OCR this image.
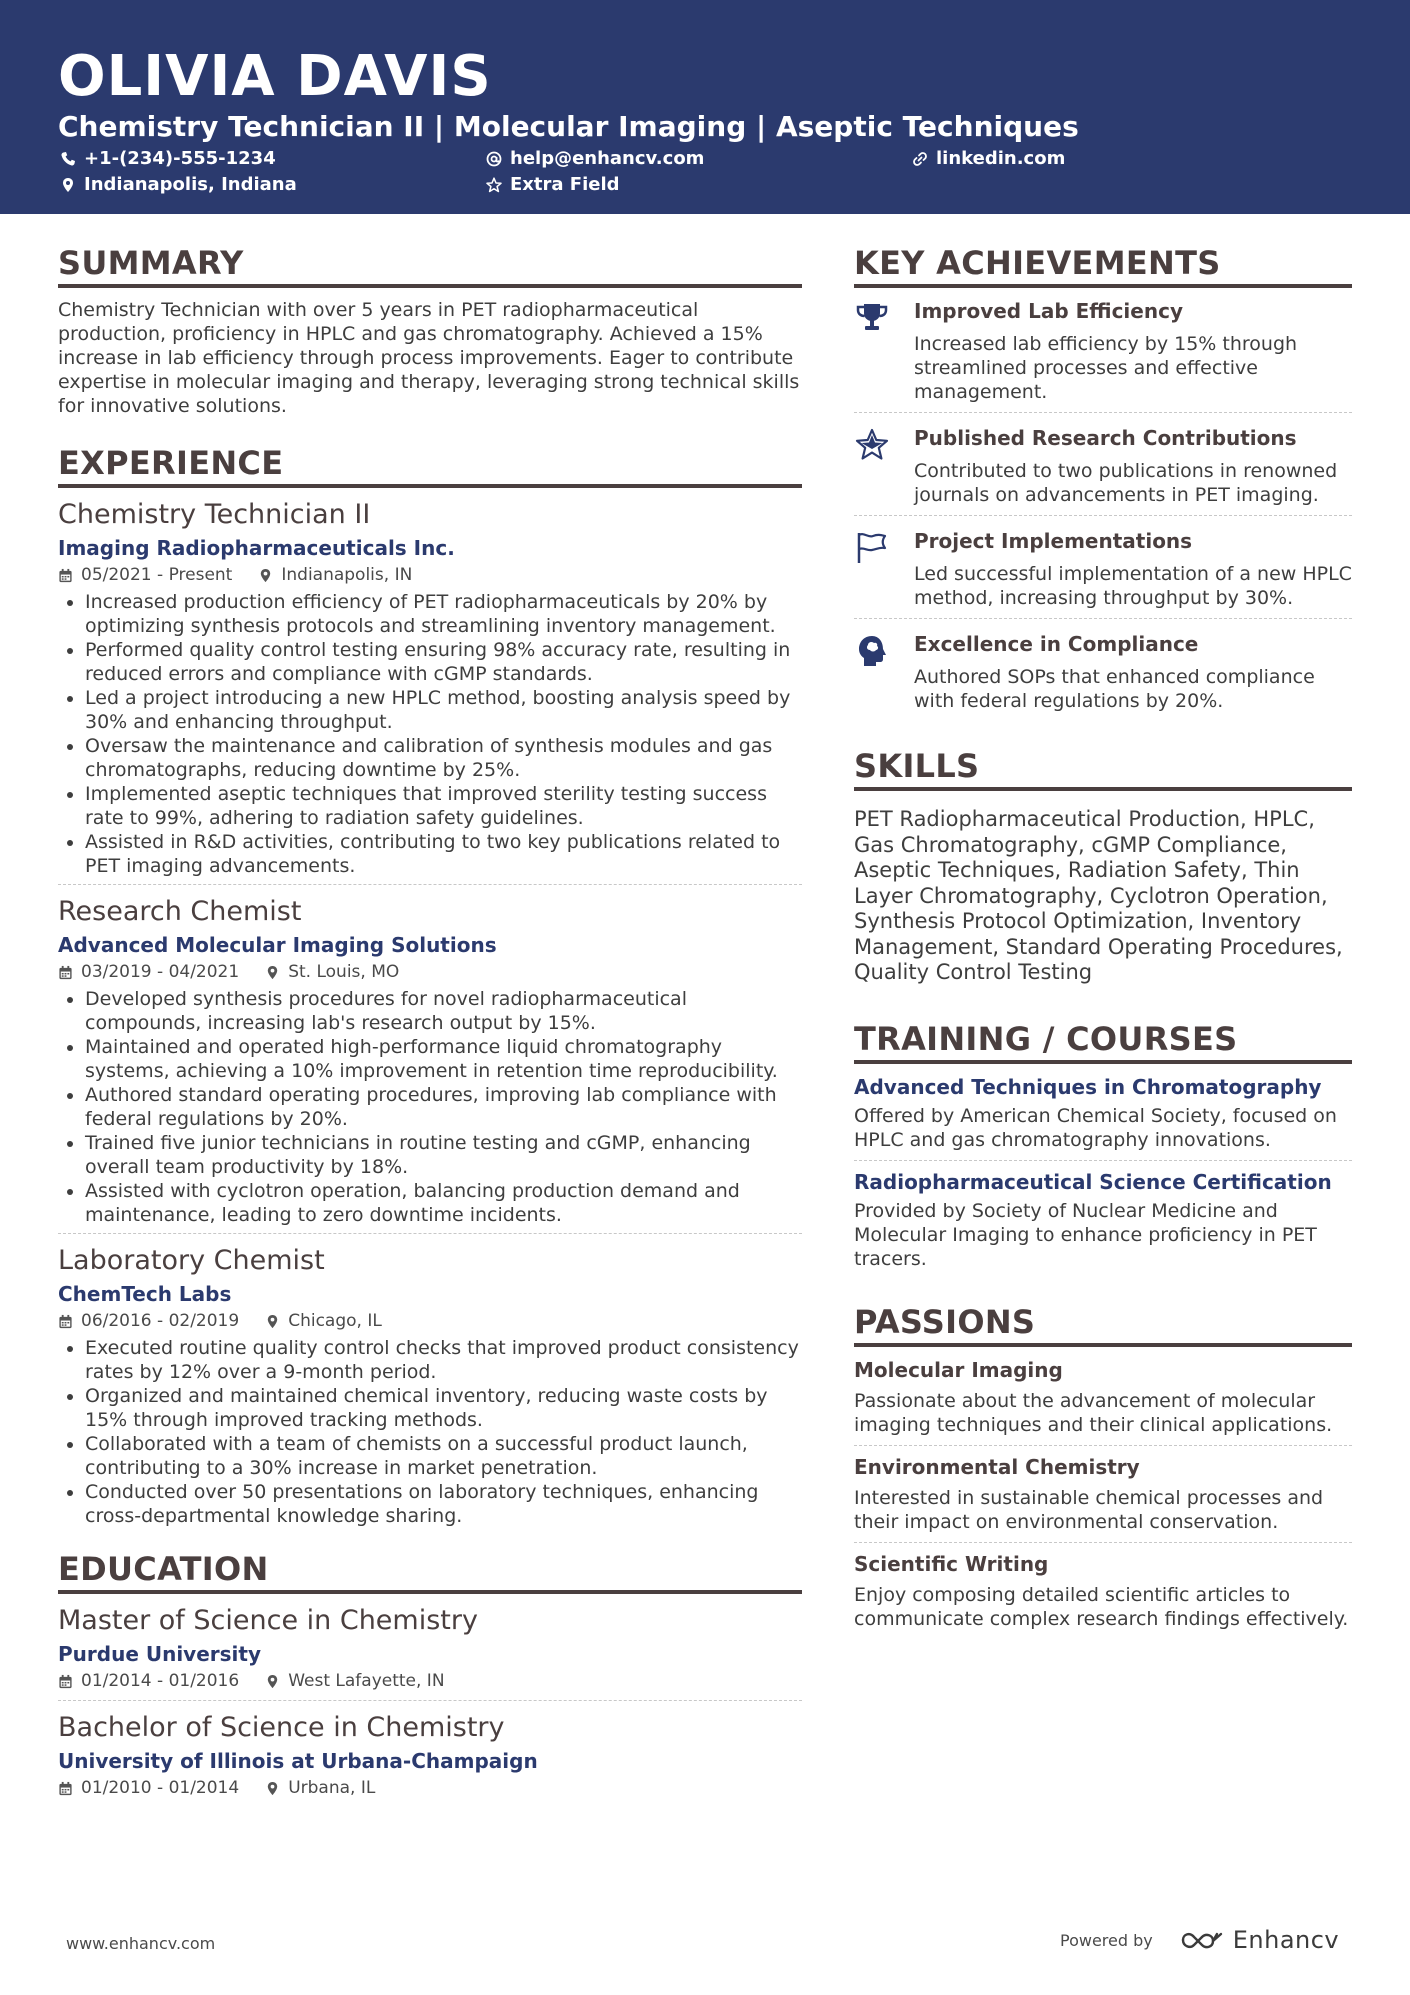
OLIVIA DAVIS
Chemistry Technician II | Molecular Imaging | Aseptic Techniques
+1-(234)-555-1234	help@enhancv.com	linkedin.com
Indianapolis, Indiana	Extra Field
SUMMARY
Chemistry Technician with over 5 years in PET radiopharmaceutical production, proficiency in HPLC and gas chromatography. Achieved a 15% increase in lab efficiency through process improvements. Eager to contribute expertise in molecular imaging and therapy, leveraging strong technical skills for innovative solutions.
EXPERIENCE
Chemistry Technician II
Imaging Radiopharmaceuticals Inc.
05/2021 - Present	Indianapolis, IN
• Increased production efficiency of PET radiopharmaceuticals by 20% by optimizing synthesis protocols and streamlining inventory management.
• Performed quality control testing ensuring 98% accuracy rate, resulting in reduced errors and compliance with cGMP standards.
• Led a project introducing a new HPLC method, boosting analysis speed by 30% and enhancing throughput.
• Oversaw the maintenance and calibration of synthesis modules and gas chromatographs, reducing downtime by 25%.
• Implemented aseptic techniques that improved sterility testing success rate to 99%, adhering to radiation safety guidelines.
• Assisted in R&D activities, contributing to two key publications related to PET imaging advancements.
Research Chemist
Advanced Molecular Imaging Solutions
03/2019 - 04/2021	St. Louis, MO
• Developed synthesis procedures for novel radiopharmaceutical compounds, increasing lab's research output by 15%.
• Maintained and operated high-performance liquid chromatography systems, achieving a 10% improvement in retention time reproducibility.
• Authored standard operating procedures, improving lab compliance with federal regulations by 20%.
• Trained five junior technicians in routine testing and cGMP, enhancing overall team productivity by 18%.
• Assisted with cyclotron operation, balancing production demand and maintenance, leading to zero downtime incidents.
Laboratory Chemist
ChemTech Labs
06/2016 - 02/2019	Chicago, IL
• Executed routine quality control checks that improved product consistency rates by 12% over a 9-month period.
• Organized and maintained chemical inventory, reducing waste costs by 15% through improved tracking methods.
• Collaborated with a team of chemists on a successful product launch, contributing to a 30% increase in market penetration.
• Conducted over 50 presentations on laboratory techniques, enhancing cross-departmental knowledge sharing.
EDUCATION
Master of Science in Chemistry
Purdue University
01/2014 - 01/2016	West Lafayette, IN
Bachelor of Science in Chemistry
University of Illinois at Urbana-Champaign
01/2010 - 01/2014	Urbana, IL
KEY ACHIEVEMENTS
Improved Lab Efficiency
Increased lab efficiency by 15% through streamlined processes and effective management.
Published Research Contributions
Contributed to two publications in renowned journals on advancements in PET imaging.
Project Implementations
Led successful implementation of a new HPLC method, increasing throughput by 30%.
Excellence in Compliance
Authored SOPs that enhanced compliance with federal regulations by 20%.
SKILLS
PET Radiopharmaceutical Production, HPLC, Gas Chromatography, cGMP Compliance, Aseptic Techniques, Radiation Safety, Thin Layer Chromatography, Cyclotron Operation, Synthesis Protocol Optimization, Inventory Management, Standard Operating Procedures, Quality Control Testing
TRAINING / COURSES
Advanced Techniques in Chromatography
Offered by American Chemical Society, focused on HPLC and gas chromatography innovations.
Radiopharmaceutical Science Certification
Provided by Society of Nuclear Medicine and Molecular Imaging to enhance proficiency in PET tracers.
PASSIONS
Molecular Imaging
Passionate about the advancement of molecular imaging techniques and their clinical applications.
Environmental Chemistry
Interested in sustainable chemical processes and their impact on environmental conservation.
Scientific Writing
Enjoy composing detailed scientific articles to communicate complex research findings effectively.
www.enhancv.com	Powered by	Enhancv
